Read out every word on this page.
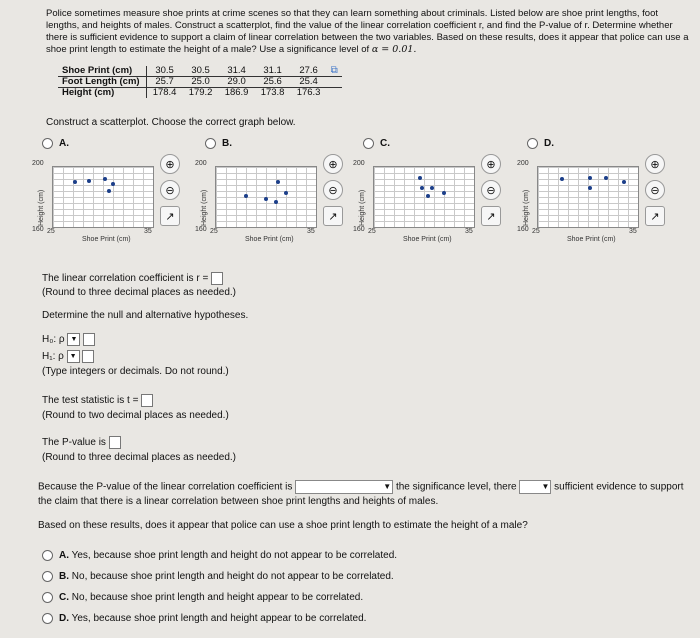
Police sometimes measure shoe prints at crime scenes so that they can learn something about criminals. Listed below are shoe print lengths, foot lengths, and heights of males. Construct a scatterplot, find the value of the linear correlation coefficient r, and find the P-value of r. Determine whether there is sufficient evidence to support a claim of linear correlation between the two variables. Based on these results, does it appear that police can use a shoe print length to estimate the height of a male? Use a significance level of α = 0.01.
Shoe Print (cm)	30.5	30.5	31.4	31.1	27.6	⧉
Foot Length (cm)	25.7	25.0	29.0	25.6	25.4	
Height (cm)	178.4	179.2	186.9	173.8	176.3	
Construct a scatterplot. Choose the correct graph below.
A.
Height (cm)
200
160 25	35
Shoe Print (cm)
⊕
⊖
↗
B.
Height (cm)
200
160 25	35
Shoe Print (cm)
⊕
⊖
↗
C.
Height (cm)
200
160 25	35
Shoe Print (cm)
⊕
⊖
↗
D.
Height (cm)
200
160 25	35
Shoe Print (cm)
⊕
⊖
↗
The linear correlation coefficient is r =
(Round to three decimal places as needed.)
Determine the null and alternative hypotheses.
H₀: ρ ▼
H₁: ρ ▼
(Type integers or decimals. Do not round.)
The test statistic is t =
(Round to two decimal places as needed.)
The P-value is
(Round to three decimal places as needed.)
Because the P-value of the linear correlation coefficient is	▼ the significance level, there	▼ sufficient evidence to support
the claim that there is a linear correlation between shoe print lengths and heights of males.
Based on these results, does it appear that police can use a shoe print length to estimate the height of a male?
A. Yes, because shoe print length and height do not appear to be correlated.
B. No, because shoe print length and height do not appear to be correlated.
C. No, because shoe print length and height appear to be correlated.
D. Yes, because shoe print length and height appear to be correlated.
